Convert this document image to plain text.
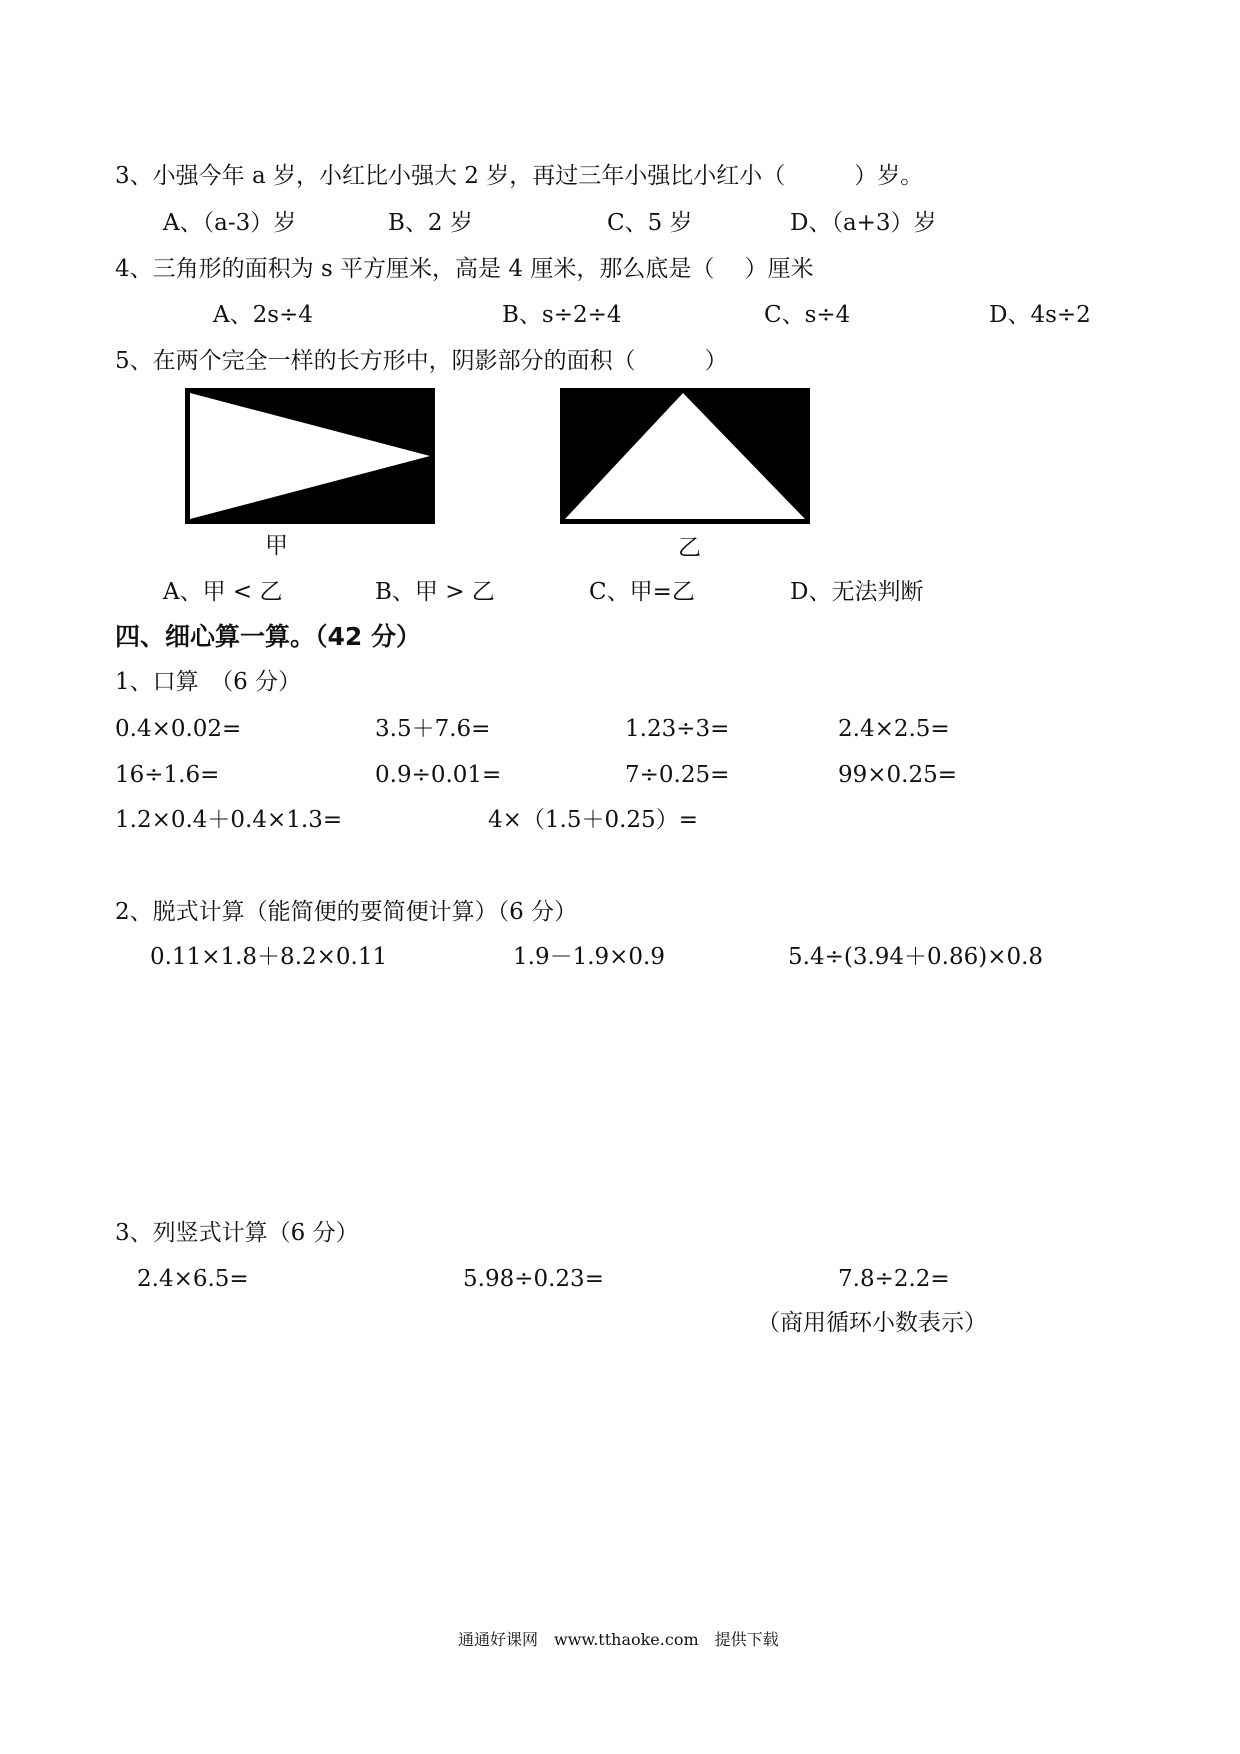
3、小强今年 a 岁，小红比小强大 2 岁，再过三年小强比小红小（　　　）岁。
A、（a-3）岁	B、2 岁	C、5 岁	D、（a+3）岁
4、三角形的面积为 s 平方厘米，高是 4 厘米，那么底是（　 ）厘米
A、2s÷4	B、s÷2÷4	C、s÷4	D、4s÷2
5、在两个完全一样的长方形中，阴影部分的面积（　　　）
甲	乙
A、甲 < 乙	B、甲 > 乙	C、甲=乙	D、无法判断
四、细心算一算。（42 分）
1、口算　（6 分）
0.4×0.02=	3.5＋7.6=	1.23÷3=	2.4×2.5=
16÷1.6=	0.9÷0.01=	7÷0.25=	99×0.25=
1.2×0.4＋0.4×1.3=	4×（1.5＋0.25）=
2、脱式计算（能简便的要简便计算）（6 分）
0.11×1.8＋8.2×0.11	1.9－1.9×0.9	5.4÷(3.94＋0.86)×0.8
3、列竖式计算（6 分）
2.4×6.5=	5.98÷0.23=	7.8÷2.2=
（商用循环小数表示）
通通好课网　www.tthaoke.com　提供下载
